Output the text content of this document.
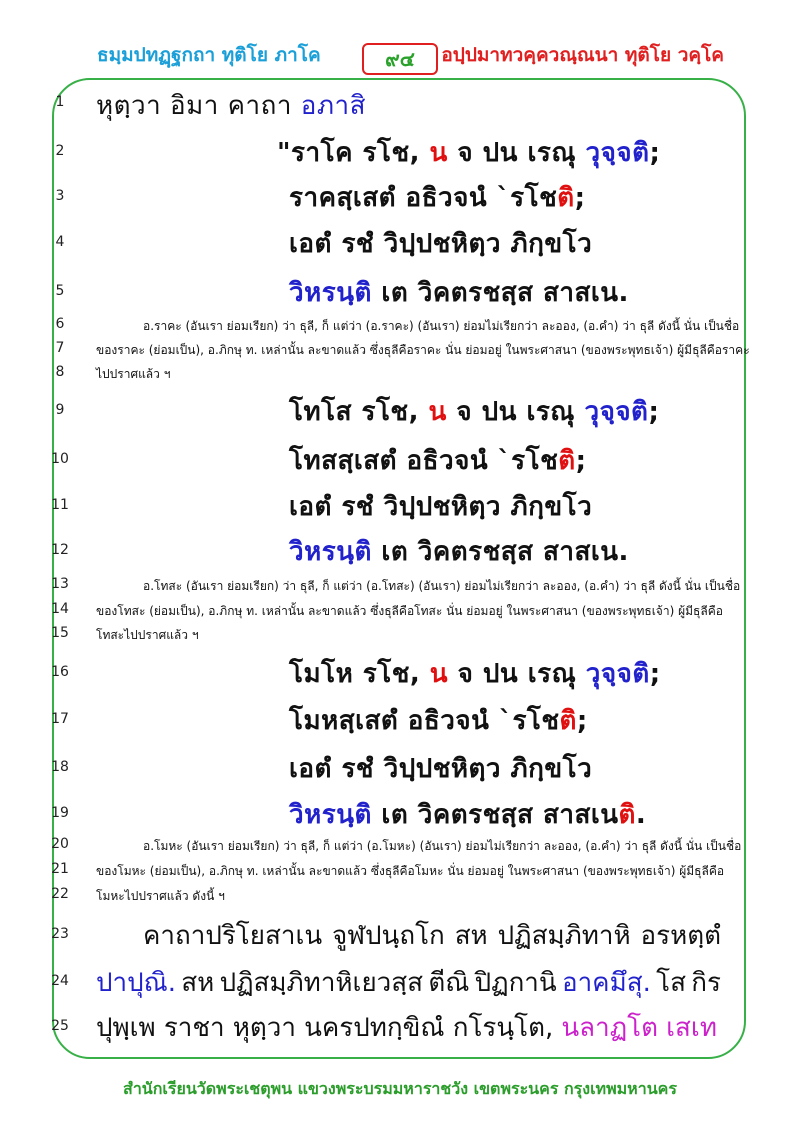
ธมฺมปทฏฺฐกถา ทุติโย ภาโค	๙๔	อปฺปมาทวคฺควณฺณนา ทุติโย วคฺโค
1
2
3
4
5
6
7
8
9
10
11
12
13
14
15
16
17
18
19
20
21
22
23
24
25
หุตฺวา อิมา คาถา อภาสิ
"ราโค รโช, น จ ปน เรณุ วุจฺจติ;
ราคสฺเสตํ อธิวจนํ `รโชติ;
เอตํ รชํ วิปฺปชหิตฺว ภิกฺขโว
วิหรนฺติ เต วิคตรชสฺส สาสเน.
อ.ราคะ (อันเรา ย่อมเรียก) ว่า ธุลี, ก็ แต่ว่า (อ.ราคะ) (อันเรา) ย่อมไม่เรียกว่า ละออง, (อ.คำ) ว่า ธุลี ดังนี้ นั่น เป็นชื่อ
ของราคะ (ย่อมเป็น), อ.ภิกษุ ท. เหล่านั้น ละขาดแล้ว ซึ่งธุลีคือราคะ นั่น ย่อมอยู่ ในพระศาสนา (ของพระพุทธเจ้า) ผู้มีธุลีคือราคะ
ไปปราศแล้ว ฯ
โทโส รโช, น จ ปน เรณุ วุจฺจติ;
โทสสฺเสตํ อธิวจนํ `รโชติ;
เอตํ รชํ วิปฺปชหิตฺว ภิกฺขโว
วิหรนฺติ เต วิคตรชสฺส สาสเน.
อ.โทสะ (อันเรา ย่อมเรียก) ว่า ธุลี, ก็ แต่ว่า (อ.โทสะ) (อันเรา) ย่อมไม่เรียกว่า ละออง, (อ.คำ) ว่า ธุลี ดังนี้ นั่น เป็นชื่อ
ของโทสะ (ย่อมเป็น), อ.ภิกษุ ท. เหล่านั้น ละขาดแล้ว ซึ่งธุลีคือโทสะ นั่น ย่อมอยู่ ในพระศาสนา (ของพระพุทธเจ้า) ผู้มีธุลีคือ
โทสะไปปราศแล้ว ฯ
โมโห รโช, น จ ปน เรณุ วุจฺจติ;
โมหสฺเสตํ อธิวจนํ `รโชติ;
เอตํ รชํ วิปฺปชหิตฺว ภิกฺขโว
วิหรนฺติ เต วิคตรชสฺส สาสเนติ.
อ.โมหะ (อันเรา ย่อมเรียก) ว่า ธุลี, ก็ แต่ว่า (อ.โมหะ) (อันเรา) ย่อมไม่เรียกว่า ละออง, (อ.คำ) ว่า ธุลี ดังนี้ นั่น เป็นชื่อ
ของโมหะ (ย่อมเป็น), อ.ภิกษุ ท. เหล่านั้น ละขาดแล้ว ซึ่งธุลีคือโมหะ นั่น ย่อมอยู่ ในพระศาสนา (ของพระพุทธเจ้า) ผู้มีธุลีคือ
โมหะไปปราศแล้ว ดังนี้ ฯ
คาถาปริโยสาเน จูฬปนฺถโก สห ปฏิสมฺภิทาหิ อรหตฺตํ
ปาปุณิ. สห ปฏิสมฺภิทาหิเยวสฺส ตีณิ ปิฏกานิ อาคมึสุ. โส กิร
ปุพฺเพ ราชา หุตฺวา นครปทกฺขิณํ กโรนฺโต, นลาฏโต เสเท
สำนักเรียนวัดพระเชตุพน แขวงพระบรมมหาราชวัง เขตพระนคร กรุงเทพมหานคร
